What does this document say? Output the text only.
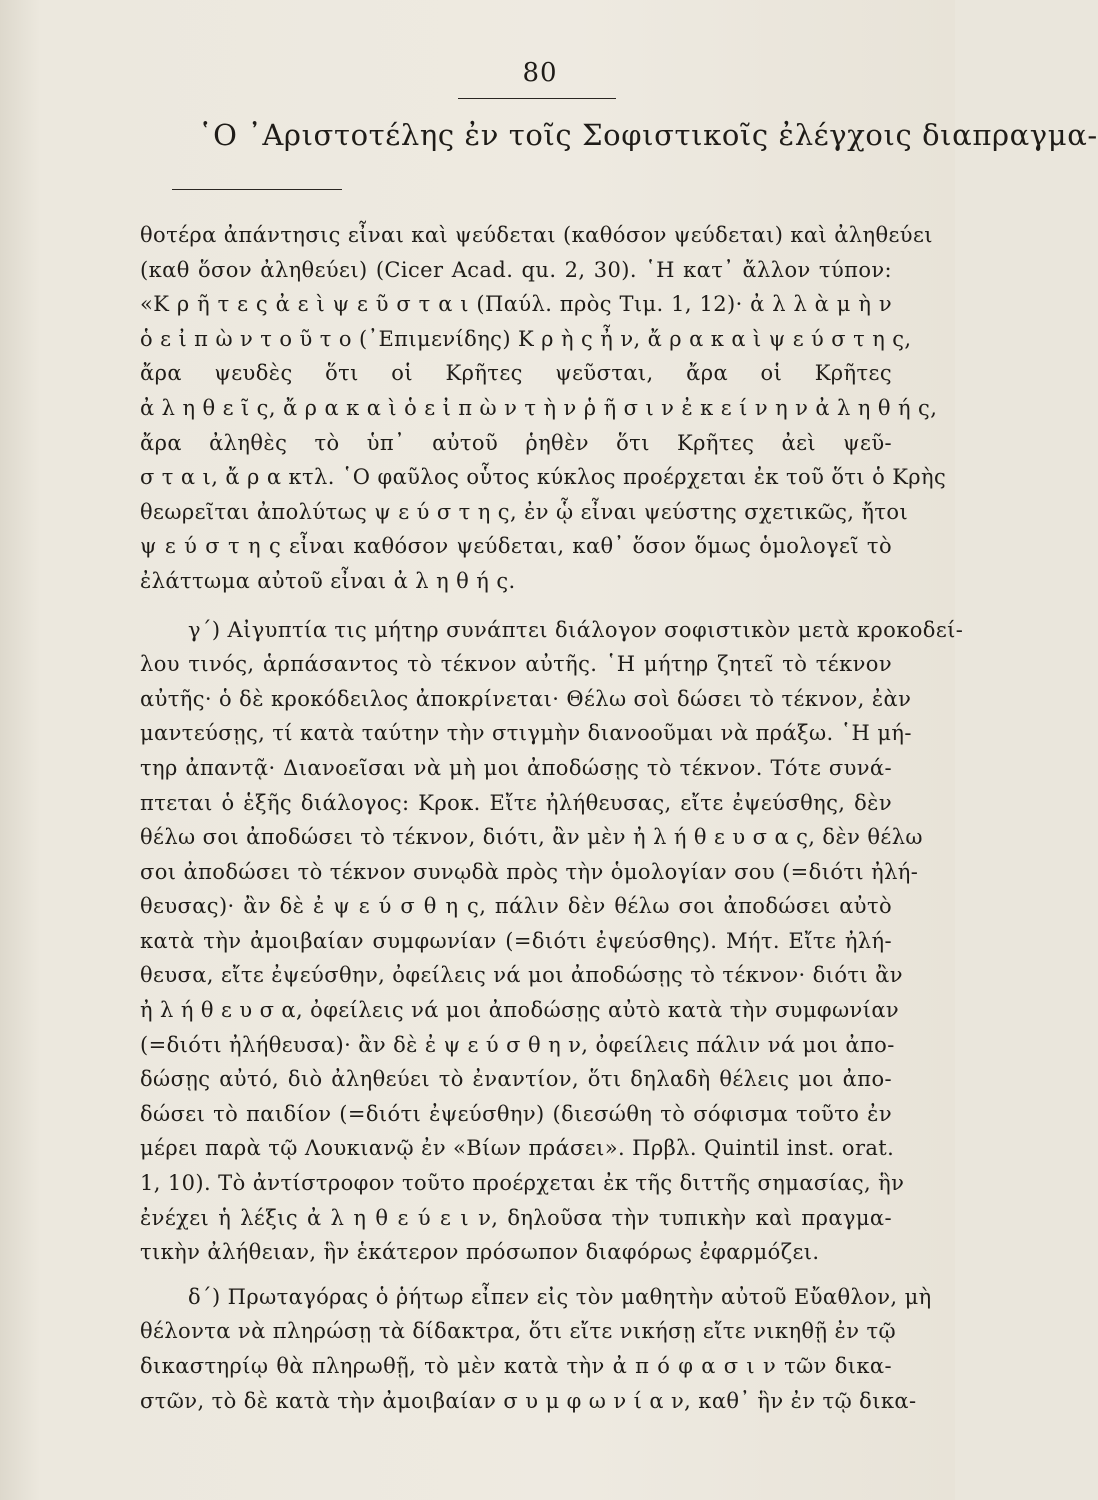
80
῾Ο ᾿Αριστοτέλης ἐν τοῖς Σοφιστικοῖς ἐλέγχοις διαπραγμα-
θοτέρα ἀπάντησις εἶναι καὶ ψεύδεται (καθόσον ψεύδεται) καὶ ἀληθεύει
(καθ ὅσον ἀληθεύει) (Cicer Acad. qu. 2, 30). ῾Η κατ᾿ ἄλλον τύπον:
«Κ ρ ῆ τ ε ς ἀ ε ὶ ψ ε ῦ σ τ α ι (Παύλ. πρὸς Τιμ. 1, 12)· ἀ λ λ ὰ μ ὴ ν
ὁ ε ἰ π ὼ ν τ ο ῦ τ ο (᾿Επιμενίδης) Κ ρ ὴ ς ἦ ν, ἄ ρ α κ α ὶ ψ ε ύ σ τ η ς,
ἄρα ψευδὲς ὅτι οἱ Κρῆτες ψεῦσται, ἄρα οἱ Κρῆτες
ἀ λ η θ ε ῖ ς, ἄ ρ α κ α ὶ ὁ ε ἰ π ὼ ν τ ὴ ν ῥ ῆ σ ι ν ἐ κ ε ί ν η ν ἀ λ η θ ή ς,
ἄρα ἀληθὲς τὸ ὑπ᾿ αὐτοῦ ῥηθὲν ὅτι Κρῆτες ἀεὶ ψεῦ-
σ τ α ι, ἄ ρ α κτλ. ῾Ο φαῦλος οὗτος κύκλος προέρχεται ἐκ τοῦ ὅτι ὁ Κρὴς
θεωρεῖται ἀπολύτως ψ ε ύ σ τ η ς, ἐν ᾧ εἶναι ψεύστης σχετικῶς, ἤτοι
ψ ε ύ σ τ η ς εἶναι καθόσον ψεύδεται, καθ᾿ ὅσον ὅμως ὁμολογεῖ τὸ
ἐλάττωμα αὐτοῦ εἶναι ἀ λ η θ ή ς.
γ΄) Αἰγυπτία τις μήτηρ συνάπτει διάλογον σοφιστικὸν μετὰ κροκοδεί-
λου τινός, ἁρπάσαντος τὸ τέκνον αὐτῆς. ῾Η μήτηρ ζητεῖ τὸ τέκνον
αὐτῆς· ὁ δὲ κροκόδειλος ἀποκρίνεται· Θέλω σοὶ δώσει τὸ τέκνον, ἐὰν
μαντεύσῃς, τί κατὰ ταύτην τὴν στιγμὴν διανοοῦμαι νὰ πράξω. ῾Η μή-
τηρ ἀπαντᾷ· Διανοεῖσαι νὰ μὴ μοι ἀποδώσῃς τὸ τέκνον. Τότε συνά-
πτεται ὁ ἑξῆς διάλογος: Κροκ. Εἴτε ἠλήθευσας, εἴτε ἐψεύσθης, δὲν
θέλω σοι ἀποδώσει τὸ τέκνον, διότι, ἂν μὲν ἠ λ ή θ ε υ σ α ς, δὲν θέλω
σοι ἀποδώσει τὸ τέκνον συνῳδὰ πρὸς τὴν ὁμολογίαν σου (=διότι ἠλή-
θευσας)· ἂν δὲ ἐ ψ ε ύ σ θ η ς, πάλιν δὲν θέλω σοι ἀποδώσει αὐτὸ
κατὰ τὴν ἀμοιβαίαν συμφωνίαν (=διότι ἐψεύσθης). Μήτ. Εἴτε ἠλή-
θευσα, εἴτε ἐψεύσθην, ὀφείλεις νά μοι ἀποδώσῃς τὸ τέκνον· διότι ἂν
ἠ λ ή θ ε υ σ α, ὀφείλεις νά μοι ἀποδώσῃς αὐτὸ κατὰ τὴν συμφωνίαν
(=διότι ἠλήθευσα)· ἂν δὲ ἐ ψ ε ύ σ θ η ν, ὀφείλεις πάλιν νά μοι ἀπο-
δώσῃς αὐτό, διὸ ἀληθεύει τὸ ἐναντίον, ὅτι δηλαδὴ θέλεις μοι ἀπο-
δώσει τὸ παιδίον (=διότι ἐψεύσθην) (διεσώθη τὸ σόφισμα τοῦτο ἐν
μέρει παρὰ τῷ Λουκιανῷ ἐν «Βίων πράσει». Πρβλ. Quintil inst. orat.
1, 10). Τὸ ἀντίστροφον τοῦτο προέρχεται ἐκ τῆς διττῆς σημασίας, ἣν
ἐνέχει ἡ λέξις ἀ λ η θ ε ύ ε ι ν, δηλοῦσα τὴν τυπικὴν καὶ πραγμα-
τικὴν ἀλήθειαν, ἣν ἑκάτερον πρόσωπον διαφόρως ἐφαρμόζει.
δ΄) Πρωταγόρας ὁ ῥήτωρ εἶπεν εἰς τὸν μαθητὴν αὐτοῦ Εὔαθλον, μὴ
θέλοντα νὰ πληρώσῃ τὰ δίδακτρα, ὅτι εἴτε νικήσῃ εἴτε νικηθῇ ἐν τῷ
δικαστηρίῳ θὰ πληρωθῇ, τὸ μὲν κατὰ τὴν ἀ π ό φ α σ ι ν τῶν δικα-
στῶν, τὸ δὲ κατὰ τὴν ἀμοιβαίαν σ υ μ φ ω ν ί α ν, καθ᾿ ἣν ἐν τῷ δικα-
